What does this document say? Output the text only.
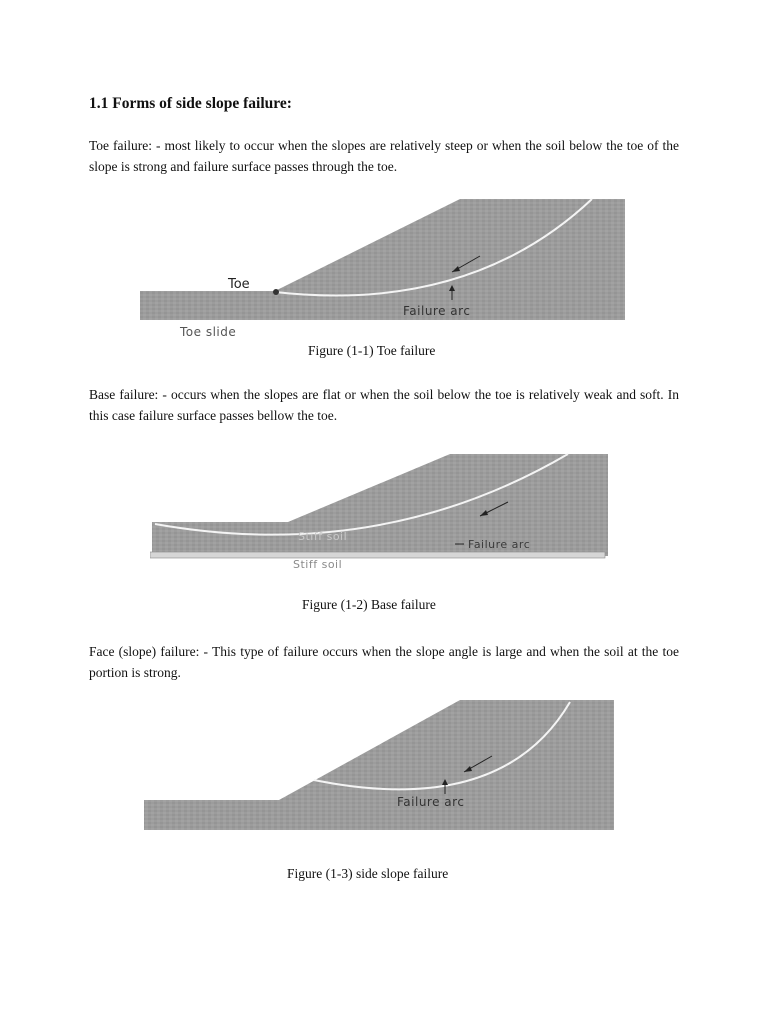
1.1 Forms of side slope failure:

Toe failure: - most likely to occur when the slopes are relatively steep or when the soil below the toe of the slope is strong and failure surface passes through the toe.

Toe
Failure arc
Toe slide

Figure (1-1) Toe failure

Base failure: - occurs when the slopes are flat or when the soil below the toe is relatively weak and soft. In this case failure surface passes bellow the toe.

Stiff soil
Failure arc
Stiff soil

Figure (1-2) Base failure

Face (slope) failure: - This type of failure occurs when the slope angle is large and when the soil at the toe portion is strong.

Failure arc

Figure (1-3) side slope failure
